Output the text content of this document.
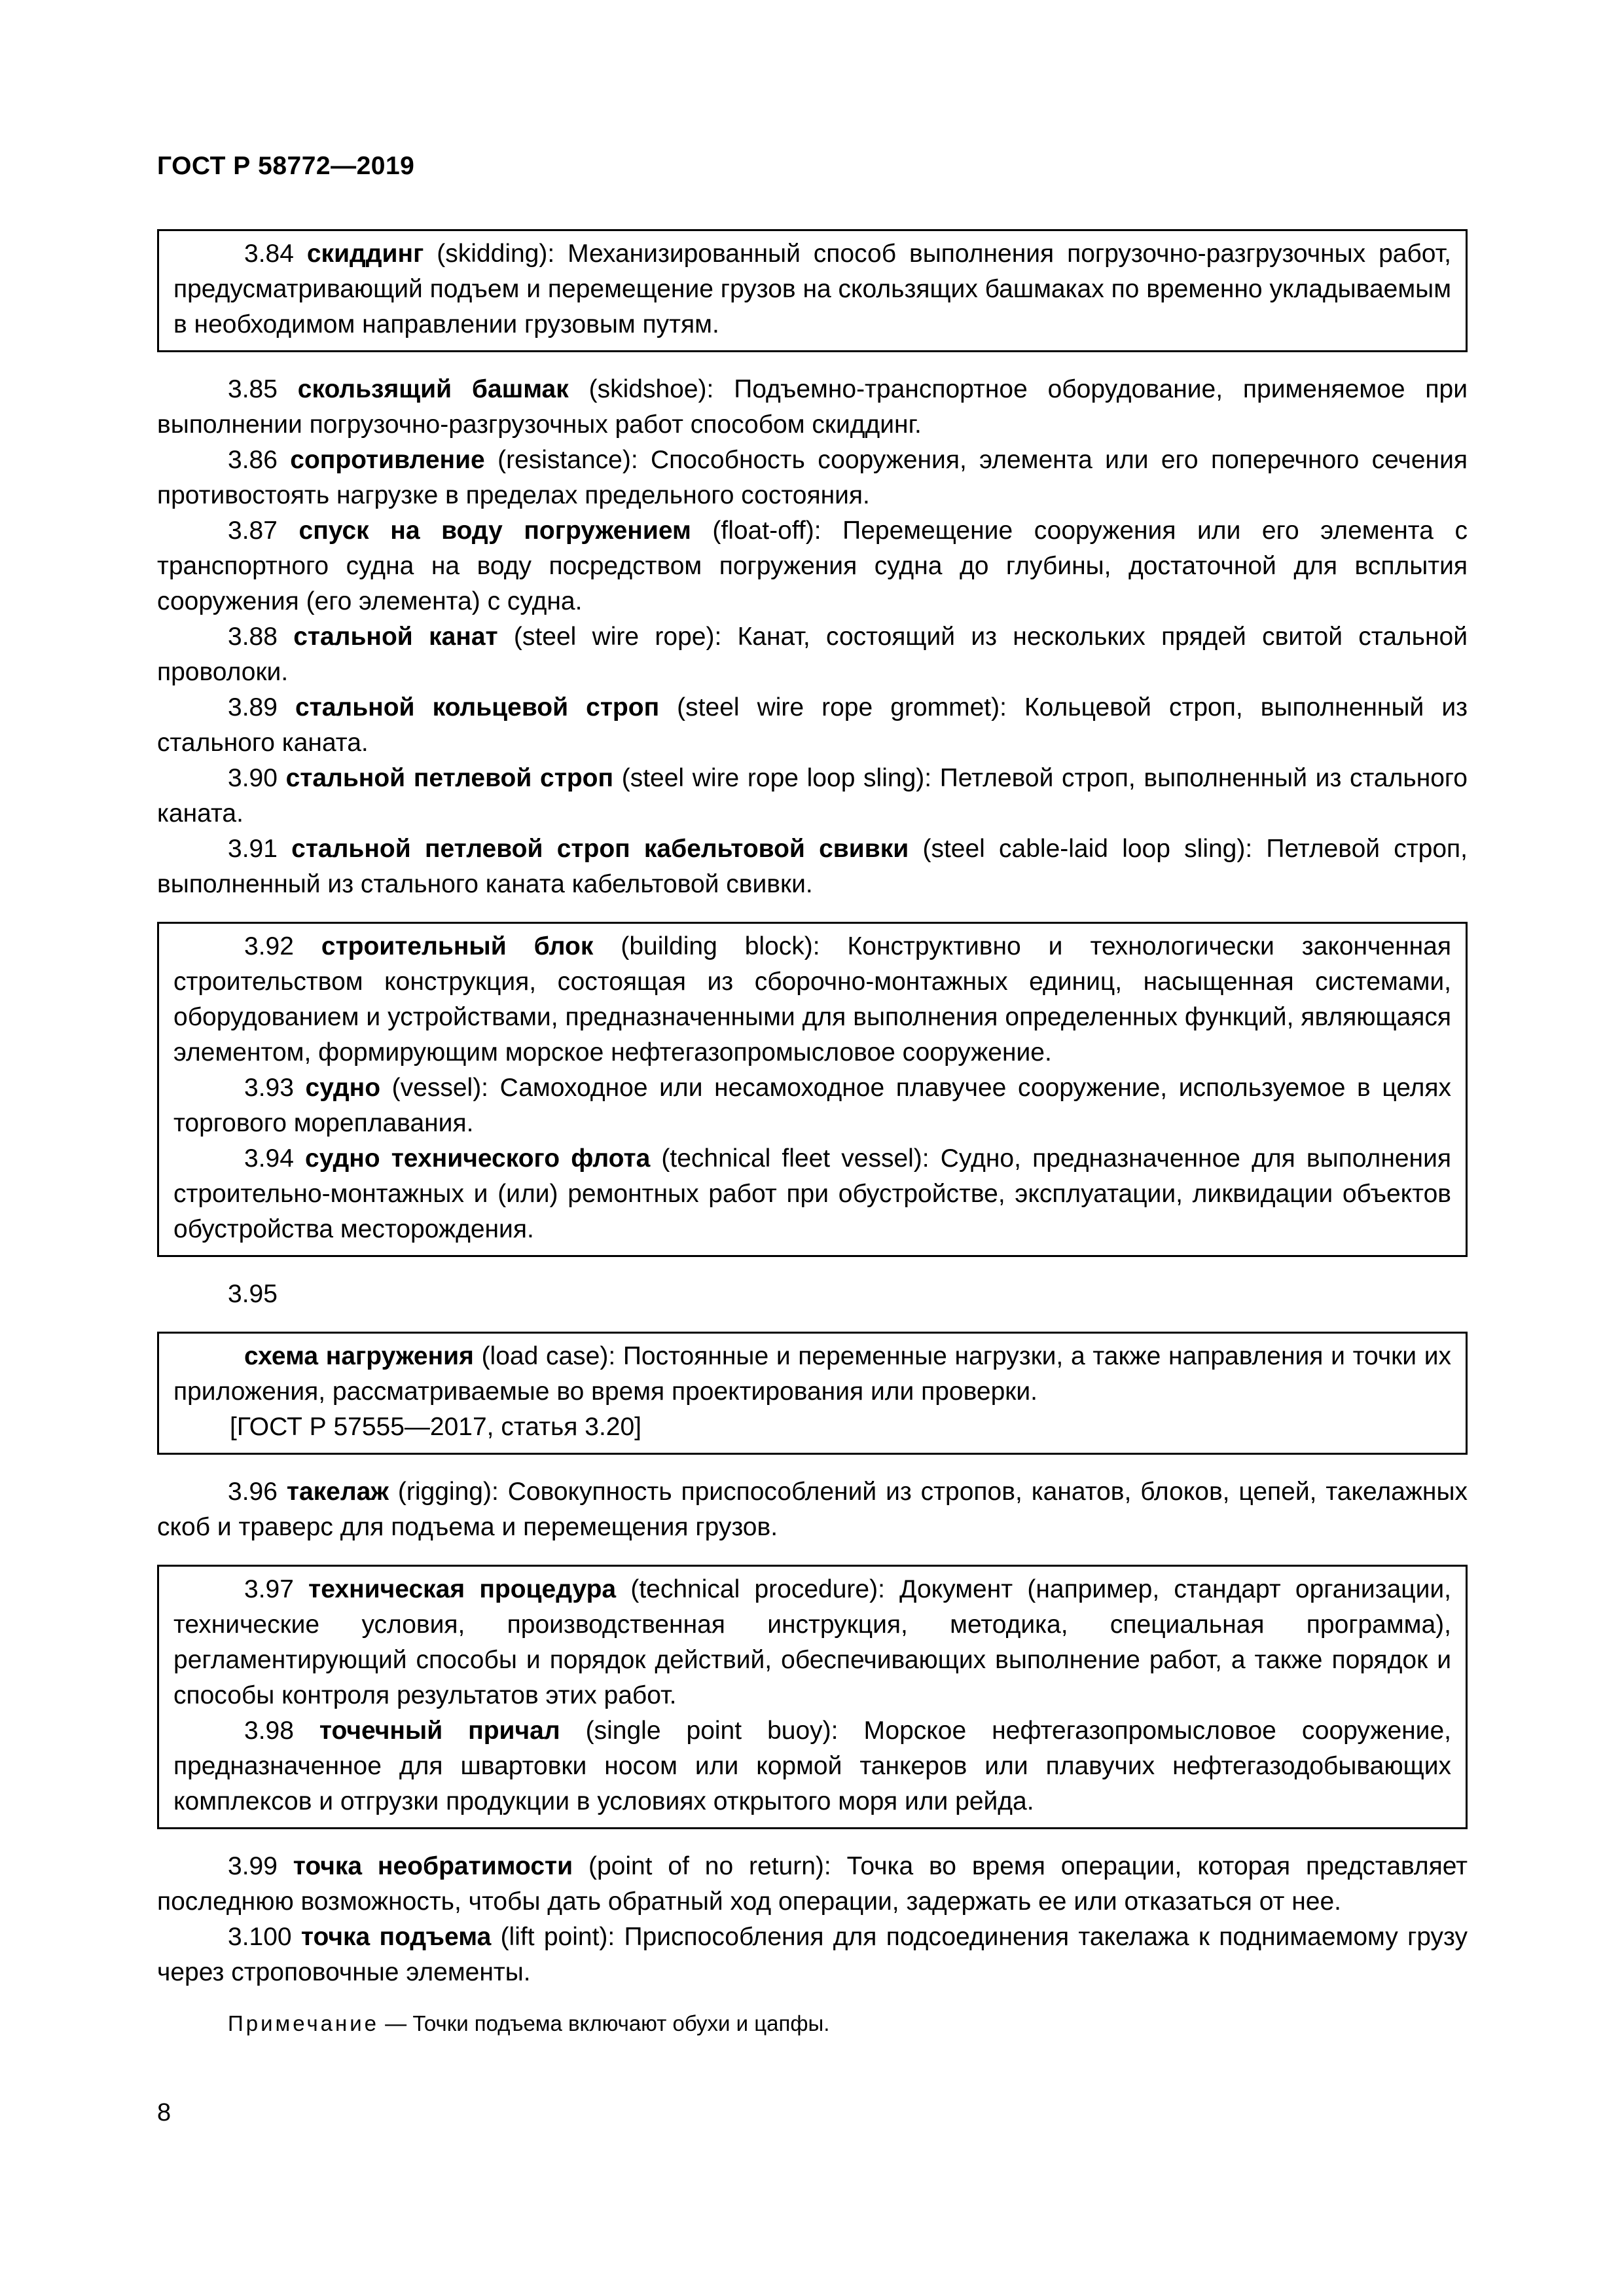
ГОСТ Р 58772—2019

3.84 скиддинг (skidding): Механизированный способ выполнения погрузочно-разгрузочных работ, предусматривающий подъем и перемещение грузов на скользящих башмаках по временно укладываемым в необходимом направлении грузовым путям.

3.85 скользящий башмак (skidshoe): Подъемно-транспортное оборудование, применяемое при выполнении погрузочно-разгрузочных работ способом скиддинг.

3.86 сопротивление (resistance): Способность сооружения, элемента или его поперечного сечения противостоять нагрузке в пределах предельного состояния.

3.87 спуск на воду погружением (float-off): Перемещение сооружения или его элемента с транспортного судна на воду посредством погружения судна до глубины, достаточной для всплытия сооружения (его элемента) с судна.

3.88 стальной канат (steel wire rope): Канат, состоящий из нескольких прядей свитой стальной проволоки.

3.89 стальной кольцевой строп (steel wire rope grommet): Кольцевой строп, выполненный из стального каната.

3.90 стальной петлевой строп (steel wire rope loop sling): Петлевой строп, выполненный из стального каната.

3.91 стальной петлевой строп кабельтовой свивки (steel cable-laid loop sling): Петлевой строп, выполненный из стального каната кабельтовой свивки.

3.92 строительный блок (building block): Конструктивно и технологически законченная строительством конструкция, состоящая из сборочно-монтажных единиц, насыщенная системами, оборудованием и устройствами, предназначенными для выполнения определенных функций, являющаяся элементом, формирующим морское нефтегазопромысловое сооружение.

3.93 судно (vessel): Самоходное или несамоходное плавучее сооружение, используемое в целях торгового мореплавания.

3.94 судно технического флота (technical fleet vessel): Судно, предназначенное для выполнения строительно-монтажных и (или) ремонтных работ при обустройстве, эксплуатации, ликвидации объектов обустройства месторождения.

3.95

схема нагружения (load case): Постоянные и переменные нагрузки, а также направления и точки их приложения, рассматриваемые во время проектирования или проверки.

[ГОСТ Р 57555—2017, статья 3.20]

3.96 такелаж (rigging): Совокупность приспособлений из стропов, канатов, блоков, цепей, такелажных скоб и траверс для подъема и перемещения грузов.

3.97 техническая процедура (technical procedure): Документ (например, стандарт организации, технические условия, производственная инструкция, методика, специальная программа), регламентирующий способы и порядок действий, обеспечивающих выполнение работ, а также порядок и способы контроля результатов этих работ.

3.98 точечный причал (single point buoy): Морское нефтегазопромысловое сооружение, предназначенное для швартовки носом или кормой танкеров или плавучих нефтегазодобывающих комплексов и отгрузки продукции в условиях открытого моря или рейда.

3.99 точка необратимости (point of no return): Точка во время операции, которая представляет последнюю возможность, чтобы дать обратный ход операции, задержать ее или отказаться от нее.

3.100 точка подъема (lift point): Приспособления для подсоединения такелажа к поднимаемому грузу через строповочные элементы.

Примечание — Точки подъема включают обухи и цапфы.

8
